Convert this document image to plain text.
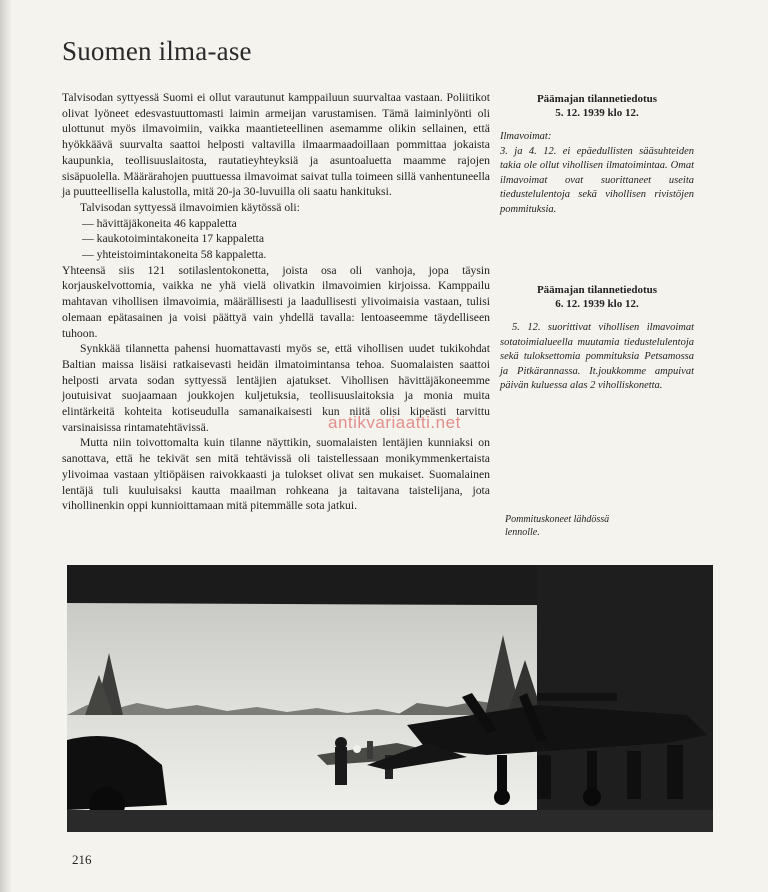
Suomen ilma-ase

Talvisodan syttyessä Suomi ei ollut varautunut kamppailuun suurvaltaa vastaan. Poliitikot olivat lyöneet edesvastuuttomasti laimin armeijan varustamisen. Tämä laiminlyönti oli ulottunut myös ilmavoimiin, vaikka maantieteellinen asemamme olikin sellainen, että hyökkäävä suurvalta saattoi helposti valtavilla ilmaarmaadoillaan pommittaa jokaista kaupunkia, teollisuuslaitosta, rautatieyhteyksiä ja asuntoaluetta maamme rajojen sisäpuolella. Määrärahojen puuttuessa ilmavoimat saivat tulla toimeen sillä vanhentuneella ja puutteellisella kalustolla, mitä 20-ja 30-luvuilla oli saatu hankituksi.

Talvisodan syttyessä ilmavoimien käytössä oli:

— hävittäjäkoneita 46 kappaletta
— kaukotoimintakoneita 17 kappaletta
— yhteistoimintakoneita 58 kappaletta.

Yhteensä siis 121 sotilaslentokonetta, joista osa oli vanhoja, jopa täysin korjauskelvottomia, vaikka ne yhä vielä olivatkin ilmavoimien kirjoissa. Kamppailu mahtavan vihollisen ilmavoimia, määrällisesti ja laadullisesti ylivoimaisia vastaan, tulisi olemaan epätasainen ja voisi päättyä vain yhdellä tavalla: lentoaseemme täydelliseen tuhoon.

Synkkää tilannetta pahensi huomattavasti myös se, että vihollisen uudet tukikohdat Baltian maissa lisäisi ratkaisevasti heidän ilmatoimintansa tehoa. Suomalaisten saattoi helposti arvata sodan syttyessä lentäjien ajatukset. Vihollisen hävittäjäkoneemme joutuisivat suojaamaan joukkojen kuljetuksia, teollisuuslaitoksia ja monia muita elintärkeitä kohteita kotiseudulla samanaikaisesti kun niitä olisi kipeästi tarvittu varsinaisissa rintamatehtävissä.

Mutta niin toivottomalta kuin tilanne näyttikin, suomalaisten lentäjien kunniaksi on sanottava, että he tekivät sen mitä tehtävissä oli taistellessaan monikymmenkertaista ylivoimaa vastaan yltiöpäisen raivokkaasti ja tulokset olivat sen mukaiset. Suomalainen lentäjä tuli kuuluisaksi kautta maailman rohkeana ja taitavana taistelijana, jota vihollinenkin oppi kunnioittamaan mitä pitemmälle sota jatkui.

Päämajan tilannetiedotus
5. 12. 1939 klo 12.
Ilmavoimat:
3. ja 4. 12. ei epäedullisten sääsuhteiden takia ole ollut vihollisen ilmatoimintaa. Omat ilmavoimat ovat suorittaneet useita tiedustelulentoja sekä vihollisen rivistöjen pommituksia.
Päämajan tilannetiedotus
6. 12. 1939 klo 12.
5. 12. suorittivat vihollisen ilmavoimat sotatoimialueella muutamia tiedustelulentoja sekä tuloksettomia pommituksia Petsamossa ja Pitkärannassa. It.joukkomme ampuivat päivän kuluessa alas 2 viholliskonetta.
Pommituskoneet lähdössä lennolle.
antikvariaatti.net
216
